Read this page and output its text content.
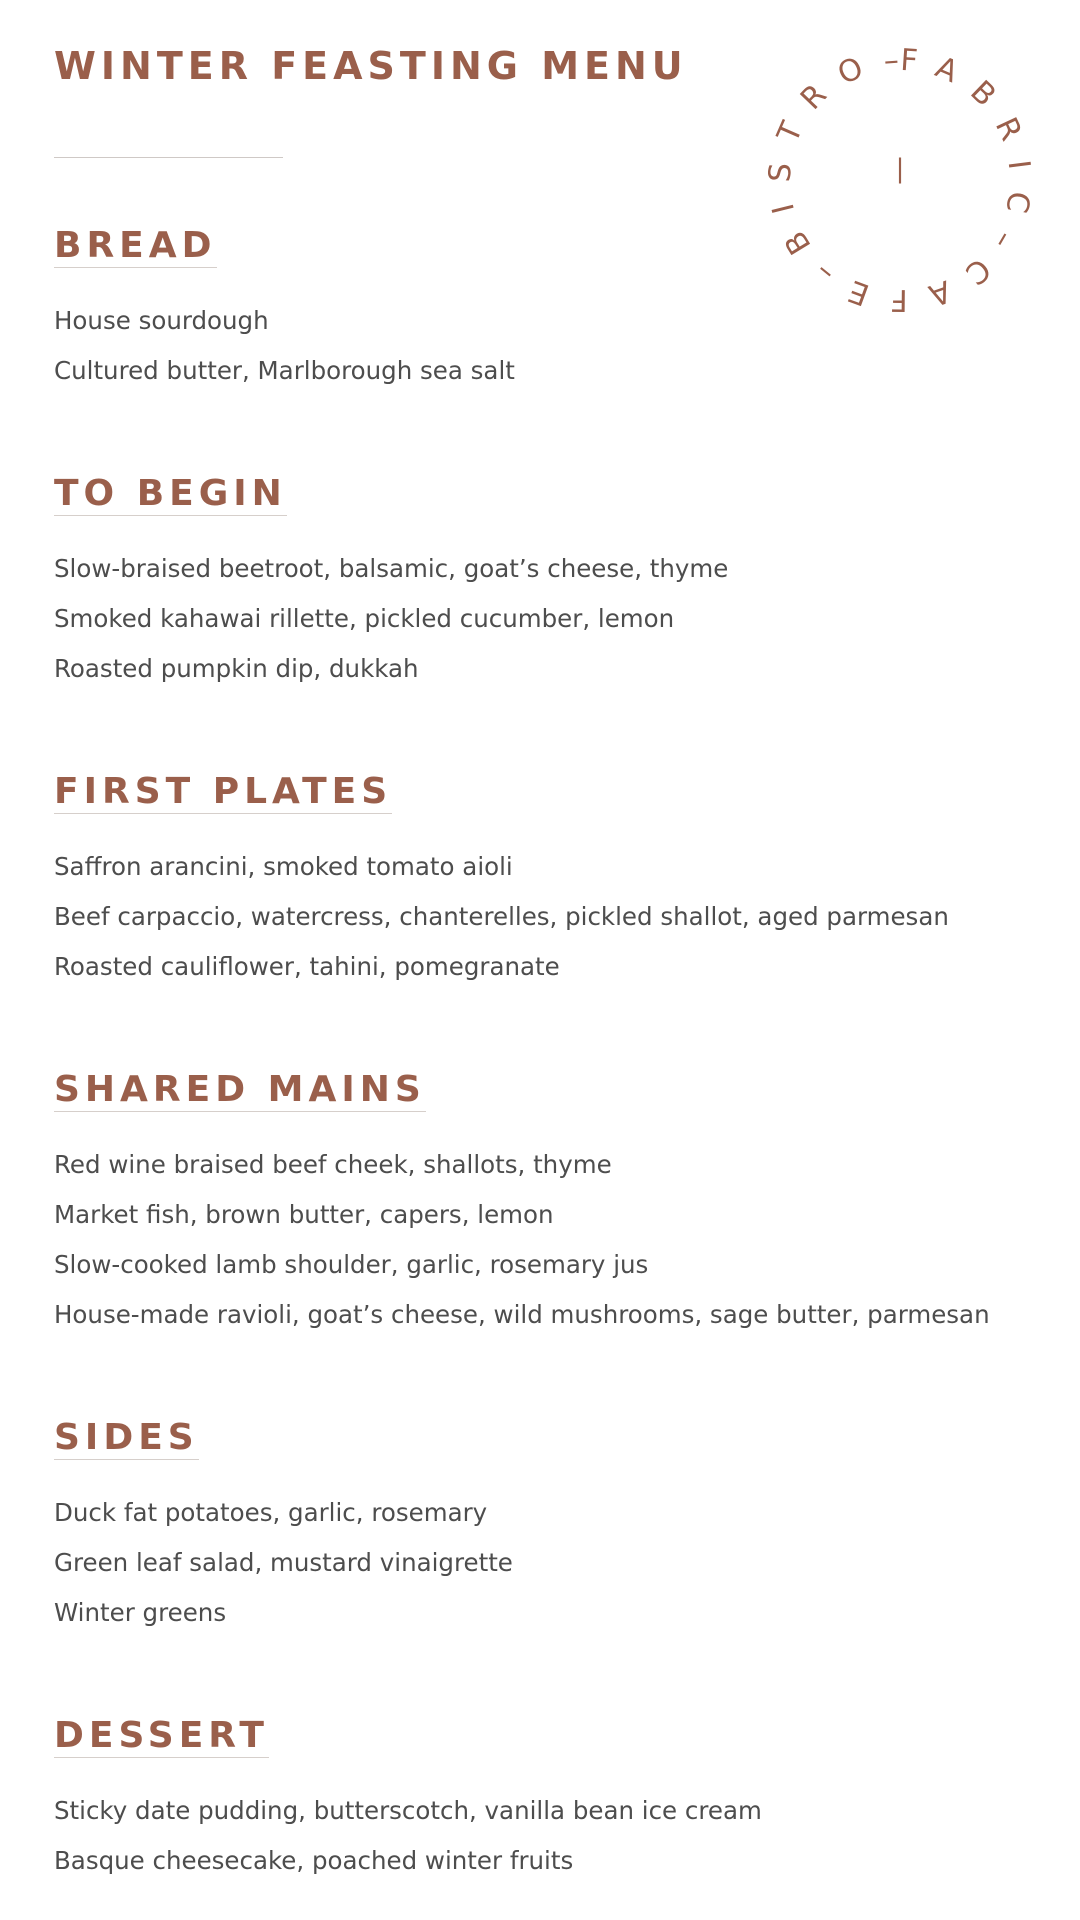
WINTER FEASTING MENU	FABRIC–CAFE–BISTRO–
|
BREAD
House sourdough
Cultured butter, Marlborough sea salt
TO BEGIN
Slow-braised beetroot, balsamic, goat’s cheese, thyme
Smoked kahawai rillette, pickled cucumber, lemon
Roasted pumpkin dip, dukkah
FIRST PLATES
Saffron arancini, smoked tomato aioli
Beef carpaccio, watercress, chanterelles, pickled shallot, aged parmesan
Roasted cauliflower, tahini, pomegranate
SHARED MAINS
Red wine braised beef cheek, shallots, thyme
Market fish, brown butter, capers, lemon
Slow-cooked lamb shoulder, garlic, rosemary jus
House-made ravioli, goat’s cheese, wild mushrooms, sage butter, parmesan
SIDES
Duck fat potatoes, garlic, rosemary
Green leaf salad, mustard vinaigrette
Winter greens
DESSERT
Sticky date pudding, butterscotch, vanilla bean ice cream
Basque cheesecake, poached winter fruits
